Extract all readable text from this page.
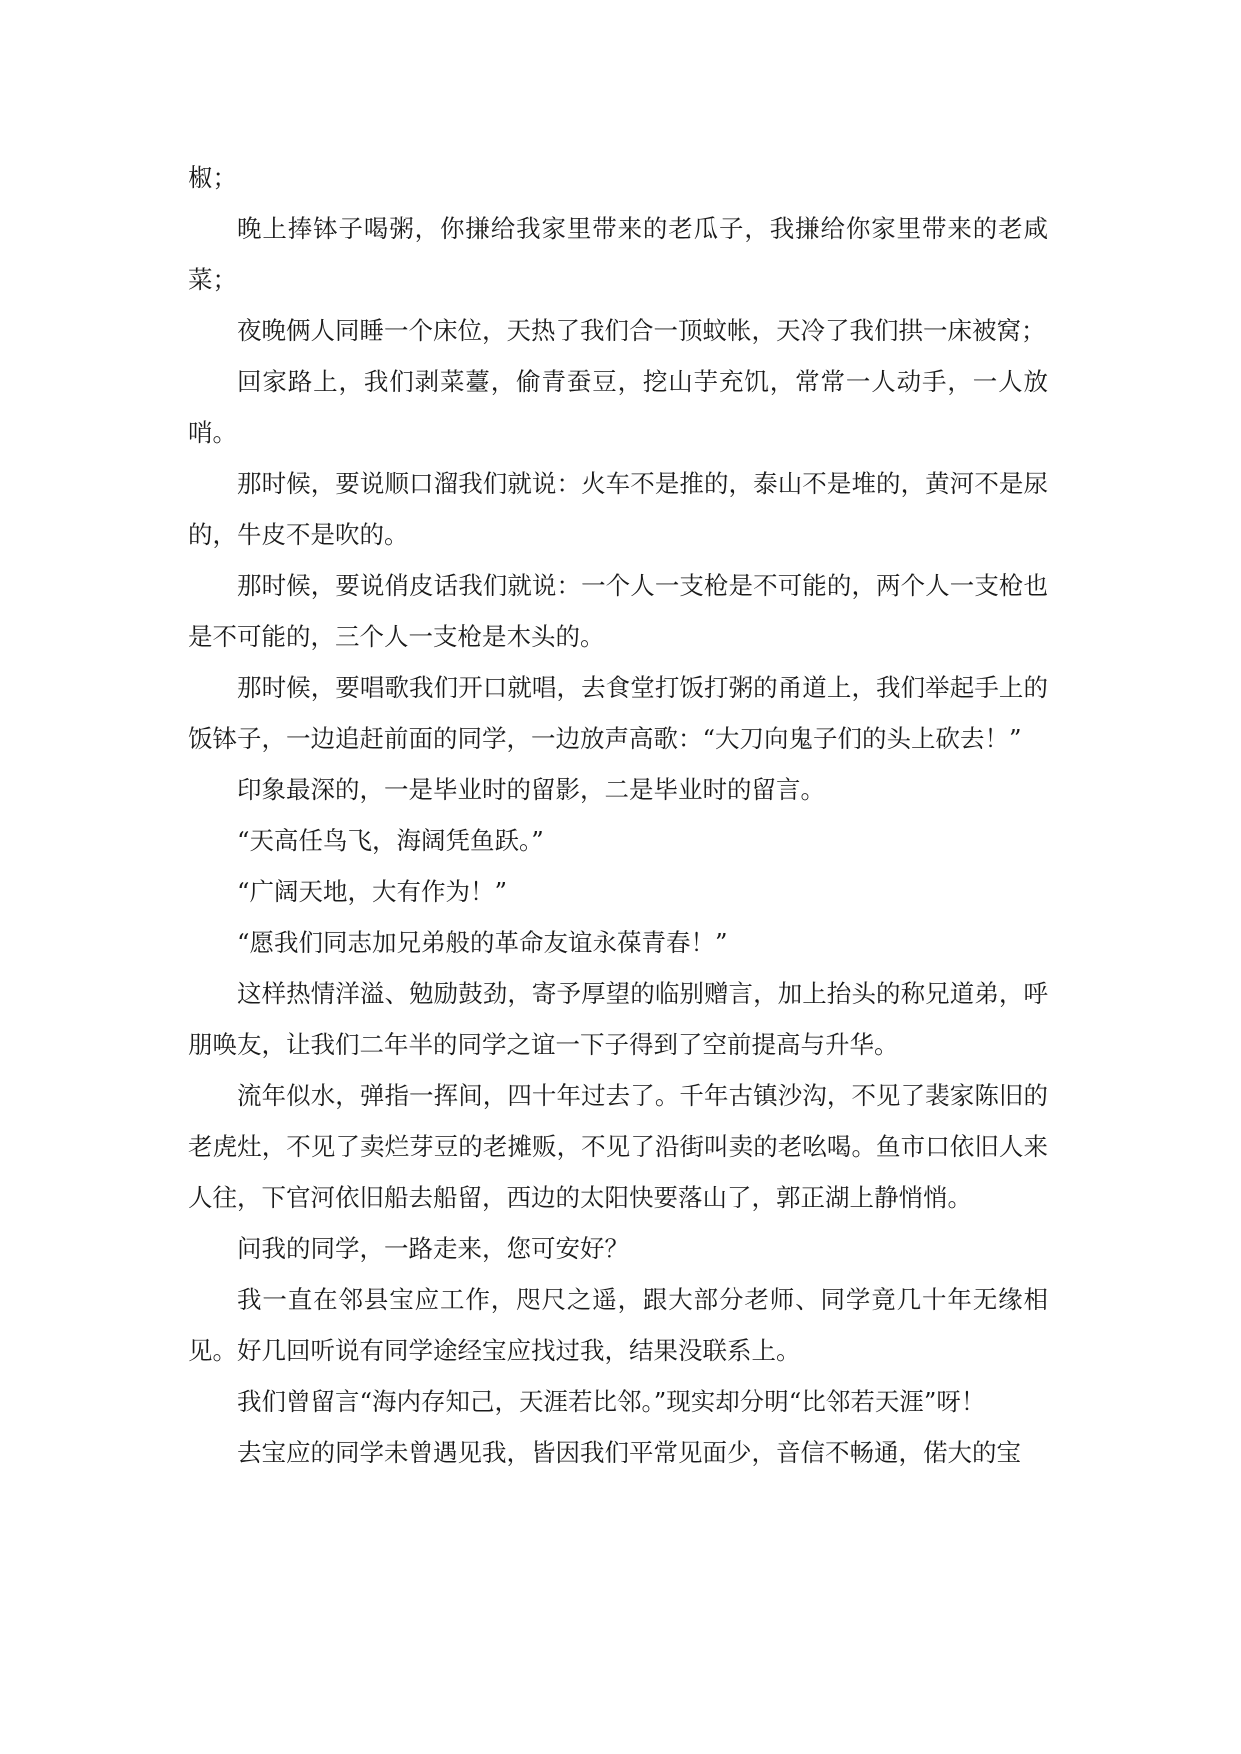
椒；

晚上捧钵子喝粥，你搛给我家里带来的老瓜子，我搛给你家里带来的老咸菜；

夜晚俩人同睡一个床位，天热了我们合一顶蚊帐，天冷了我们拱一床被窝；

回家路上，我们剥菜薹，偷青蚕豆，挖山芋充饥，常常一人动手，一人放哨。

那时候，要说顺口溜我们就说：火车不是推的，泰山不是堆的，黄河不是尿的，牛皮不是吹的。

那时候，要说俏皮话我们就说：一个人一支枪是不可能的，两个人一支枪也是不可能的，三个人一支枪是木头的。

那时候，要唱歌我们开口就唱，去食堂打饭打粥的甬道上，我们举起手上的饭钵子，一边追赶前面的同学，一边放声高歌：“大刀向鬼子们的头上砍去！”

印象最深的，一是毕业时的留影，二是毕业时的留言。

“天高任鸟飞，海阔凭鱼跃。”

“广阔天地，大有作为！”

“愿我们同志加兄弟般的革命友谊永葆青春！”

这样热情洋溢、勉励鼓劲，寄予厚望的临别赠言，加上抬头的称兄道弟，呼朋唤友，让我们二年半的同学之谊一下子得到了空前提高与升华。

流年似水，弹指一挥间，四十年过去了。千年古镇沙沟，不见了裴家陈旧的老虎灶，不见了卖烂芽豆的老摊贩，不见了沿街叫卖的老吆喝。鱼市口依旧人来人往，下官河依旧船去船留，西边的太阳快要落山了，郭正湖上静悄悄。

问我的同学，一路走来，您可安好？

我一直在邻县宝应工作，咫尺之遥，跟大部分老师、同学竟几十年无缘相见。好几回听说有同学途经宝应找过我，结果没联系上。

我们曾留言“海内存知己，天涯若比邻。”现实却分明“比邻若天涯”呀！

去宝应的同学未曾遇见我，皆因我们平常见面少，音信不畅通，偌大的宝
